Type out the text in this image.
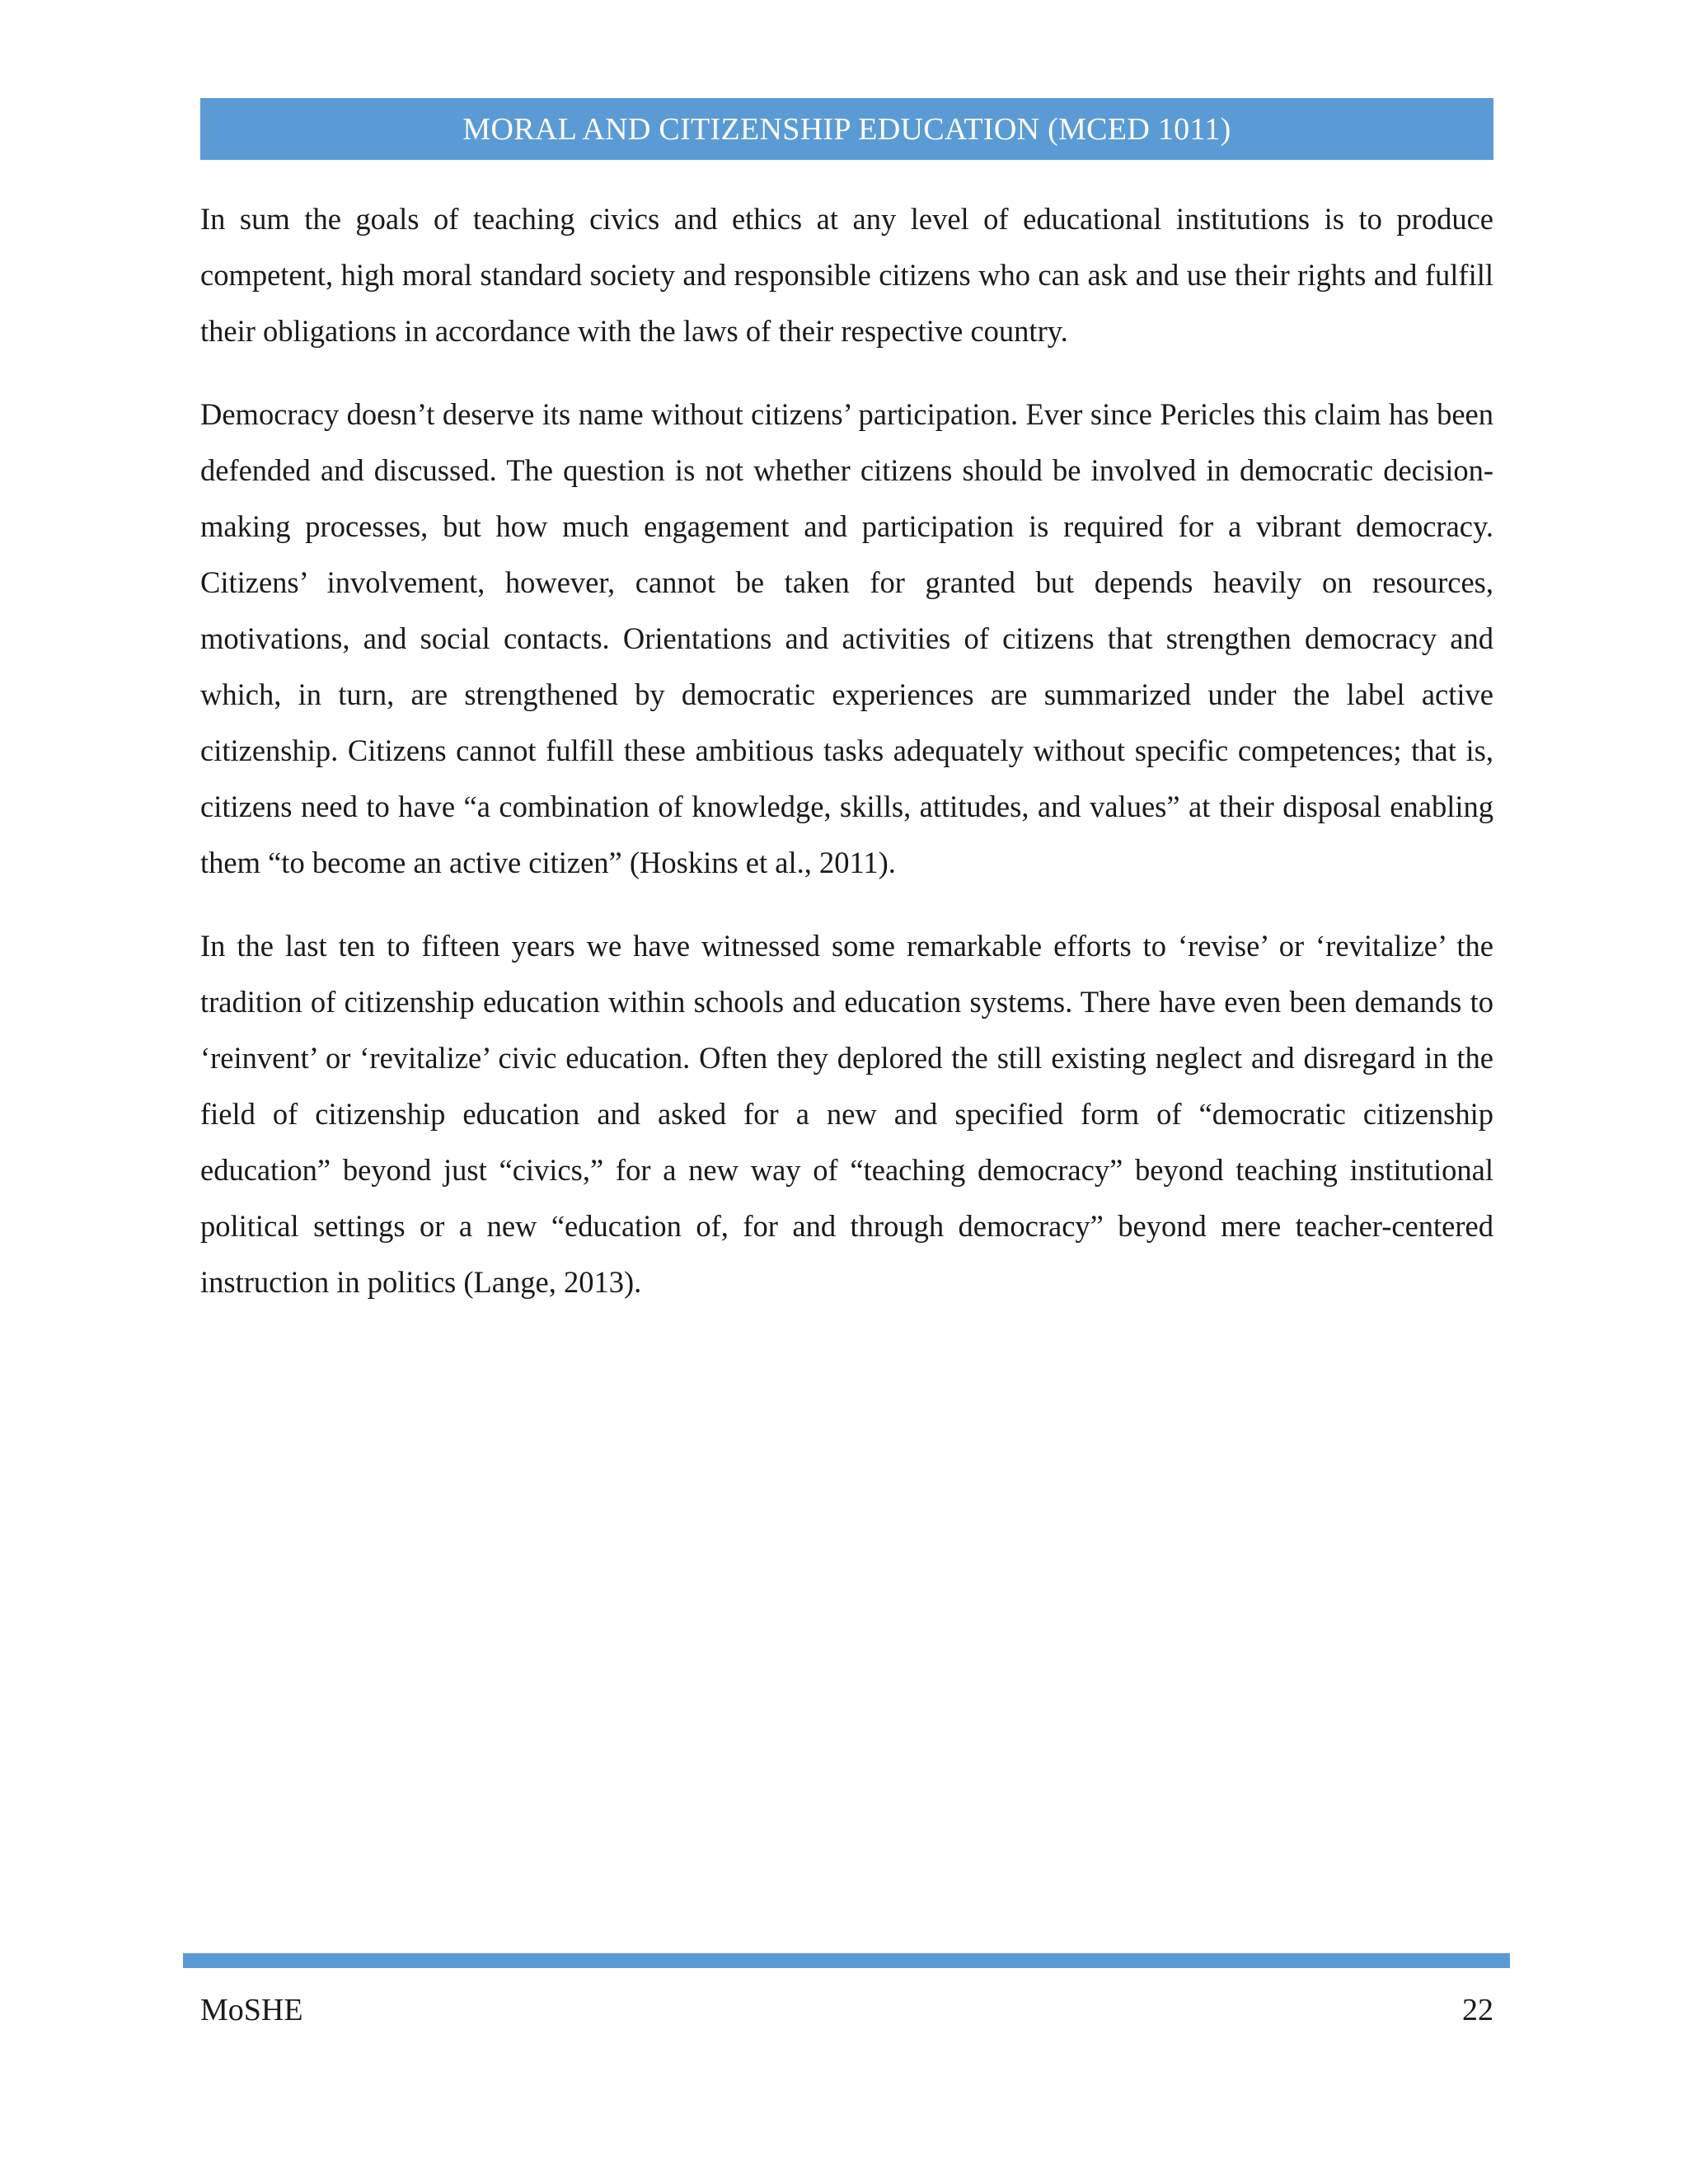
MORAL AND CITIZENSHIP EDUCATION (MCED 1011)

In sum the goals of teaching civics and ethics at any level of educational institutions is to produce competent, high moral standard society and responsible citizens who can ask and use their rights and fulfill their obligations in accordance with the laws of their respective country.

Democracy doesn’t deserve its name without citizens’ participation. Ever since Pericles this claim has been defended and discussed. The question is not whether citizens should be involved in democratic decision-making processes, but how much engagement and participation is required for a vibrant democracy. Citizens’ involvement, however, cannot be taken for granted but depends heavily on resources, motivations, and social contacts. Orientations and activities of citizens that strengthen democracy and which, in turn, are strengthened by democratic experiences are summarized under the label active citizenship. Citizens cannot fulfill these ambitious tasks adequately without specific competences; that is, citizens need to have “a combination of knowledge, skills, attitudes, and values” at their disposal enabling them “to become an active citizen” (Hoskins et al., 2011).

In the last ten to fifteen years we have witnessed some remarkable efforts to ‘revise’ or ‘revitalize’ the tradition of citizenship education within schools and education systems. There have even been demands to ‘reinvent’ or ‘revitalize’ civic education. Often they deplored the still existing neglect and disregard in the field of citizenship education and asked for a new and specified form of “democratic citizenship education” beyond just “civics,” for a new way of “teaching democracy” beyond teaching institutional political settings or a new “education of, for and through democracy” beyond mere teacher-centered instruction in politics (Lange, 2013).

MoSHE	22
